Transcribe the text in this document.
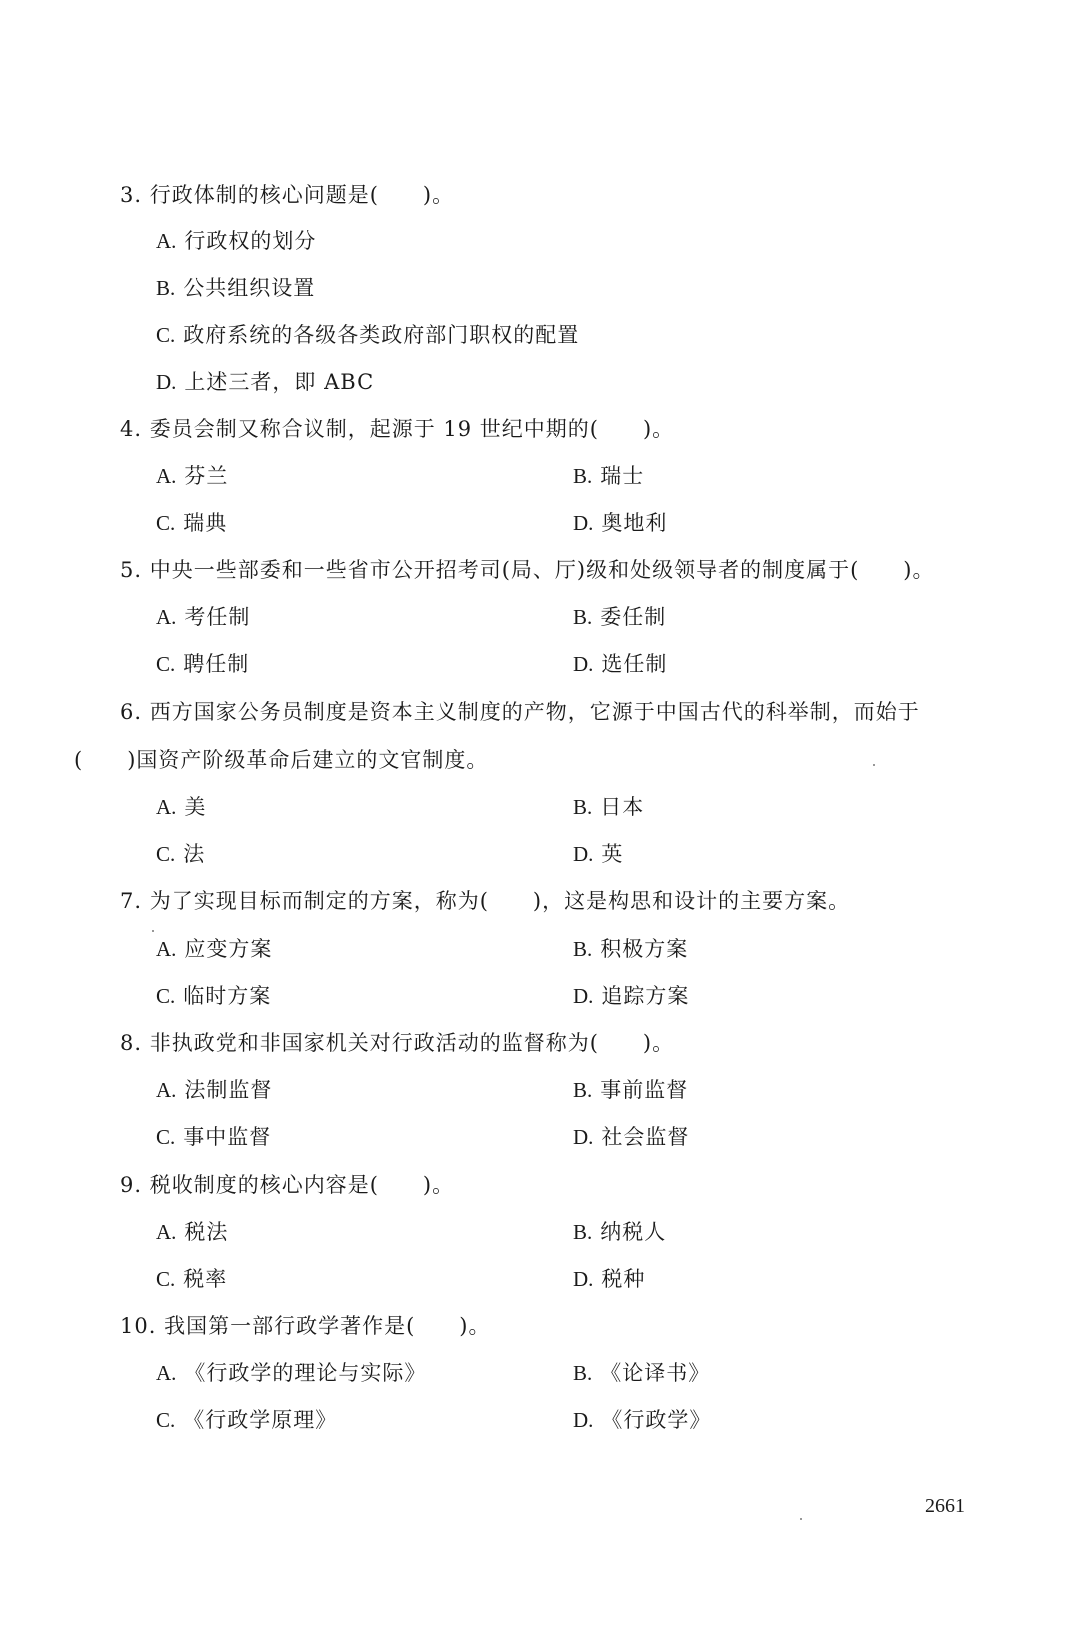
3. 行政体制的核心问题是(　　)。
A. 行政权的划分
B. 公共组织设置
C. 政府系统的各级各类政府部门职权的配置
D. 上述三者，即 ABC
4. 委员会制又称合议制，起源于 19 世纪中期的(　　)。
A. 芬兰	B. 瑞士
C. 瑞典	D. 奥地利
5. 中央一些部委和一些省市公开招考司(局、厅)级和处级领导者的制度属于(　　)。
A. 考任制	B. 委任制
C. 聘任制	D. 选任制
6. 西方国家公务员制度是资本主义制度的产物，它源于中国古代的科举制，而始于
(　　)国资产阶级革命后建立的文官制度。
A. 美	B. 日本
C. 法	D. 英
7. 为了实现目标而制定的方案，称为(　　)，这是构思和设计的主要方案。
A. 应变方案	B. 积极方案
C. 临时方案	D. 追踪方案
8. 非执政党和非国家机关对行政活动的监督称为(　　)。
A. 法制监督	B. 事前监督
C. 事中监督	D. 社会监督
9. 税收制度的核心内容是(　　)。
A. 税法	B. 纳税人
C. 税率	D. 税种
10. 我国第一部行政学著作是(　　)。
A. 《行政学的理论与实际》	B. 《论译书》
C. 《行政学原理》	D. 《行政学》
2661
